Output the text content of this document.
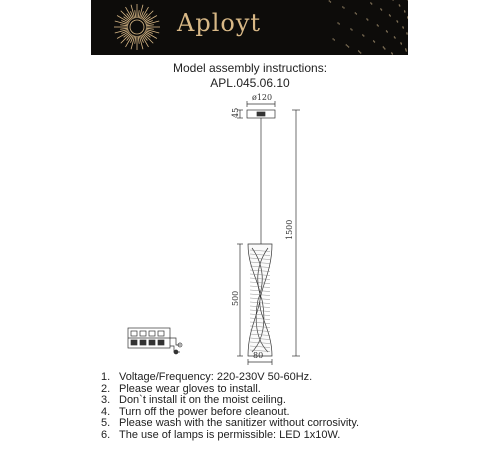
Aployt
Model assembly instructions:
APL.045.06.10
ø120
45
1500
500
80
1. Voltage/Frequency: 220-230V 50-60Hz.
2. Please wear gloves to install.
3. Don`t install it on the moist ceiling.
4. Turn off the power before cleanout.
5. Please wash with the sanitizer without corrosivity.
6. The use of lamps is permissible: LED 1x10W.
